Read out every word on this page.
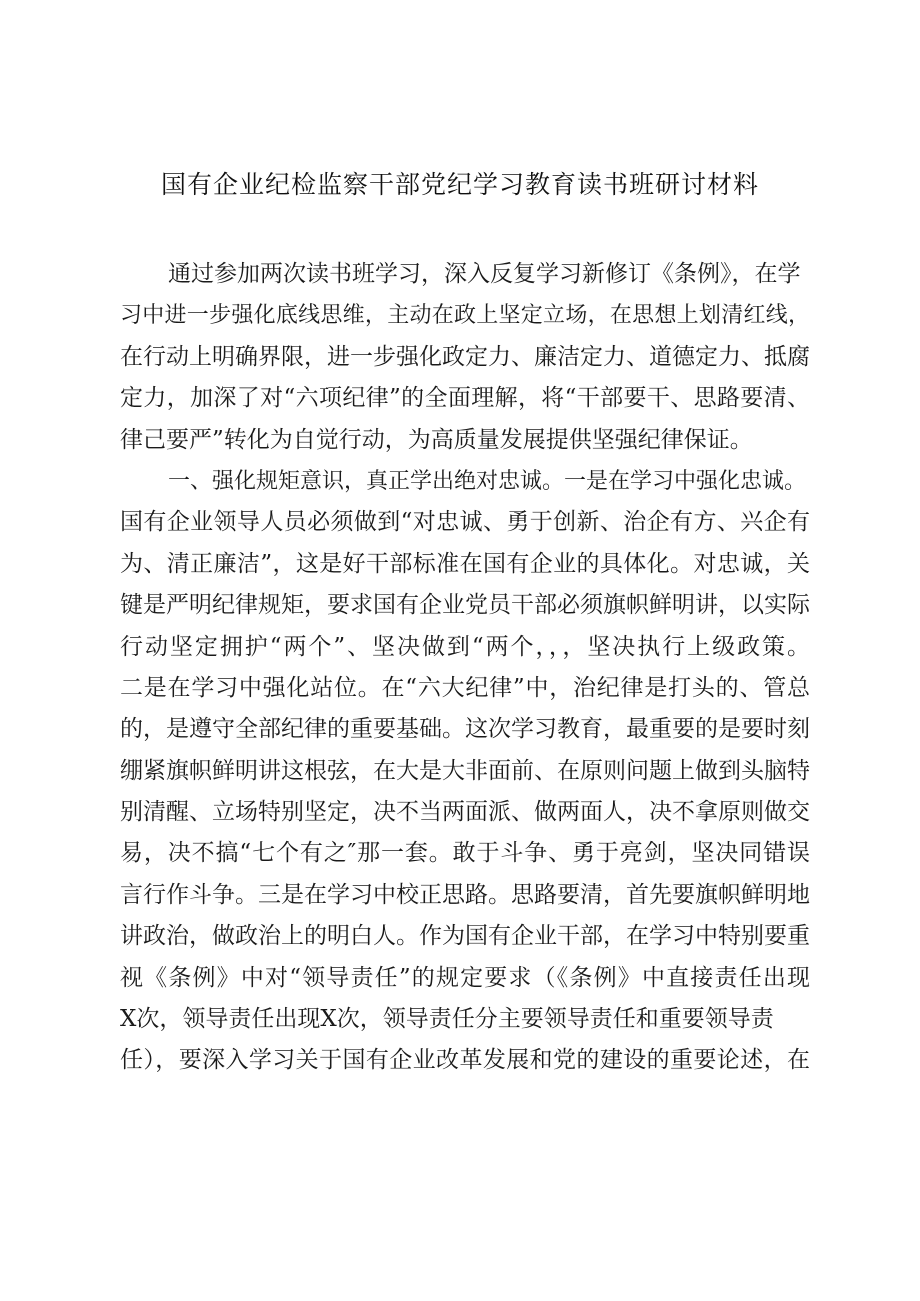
国有企业纪检监察干部党纪学习教育读书班研讨材料
通过参加两次读书班学习，深入反复学习新修订《条例》，在学
习中进一步强化底线思维，主动在政上坚定立场，在思想上划清红线，
在行动上明确界限，进一步强化政定力、廉洁定力、道德定力、抵腐
定力，加深了对“六项纪律”的全面理解，将“干部要干、思路要清、
律己要严”转化为自觉行动，为高质量发展提供坚强纪律保证。
一、强化规矩意识，真正学出绝对忠诚。一是在学习中强化忠诚。
国有企业领导人员必须做到“对忠诚、勇于创新、治企有方、兴企有
为、清正廉洁”，这是好干部标准在国有企业的具体化。对忠诚，关
键是严明纪律规矩，要求国有企业党员干部必须旗帜鲜明讲，以实际
行动坚定拥护“两个”、坚决做到“两个，，，坚决执行上级政策。
二是在学习中强化站位。在“六大纪律”中，治纪律是打头的、管总
的，是遵守全部纪律的重要基础。这次学习教育，最重要的是要时刻
绷紧旗帜鲜明讲这根弦，在大是大非面前、在原则问题上做到头脑特
别清醒、立场特别坚定，决不当两面派、做两面人，决不拿原则做交
易，决不搞“七个有之″那一套。敢于斗争、勇于亮剑，坚决同错误
言行作斗争。三是在学习中校正思路。思路要清，首先要旗帜鲜明地
讲政治，做政治上的明白人。作为国有企业干部，在学习中特别要重
视《条例》中对“领导责任”的规定要求（《条例》中直接责任出现
X次，领导责任出现X次，领导责任分主要领导责任和重要领导责
任），要深入学习关于国有企业改革发展和党的建设的重要论述，在
